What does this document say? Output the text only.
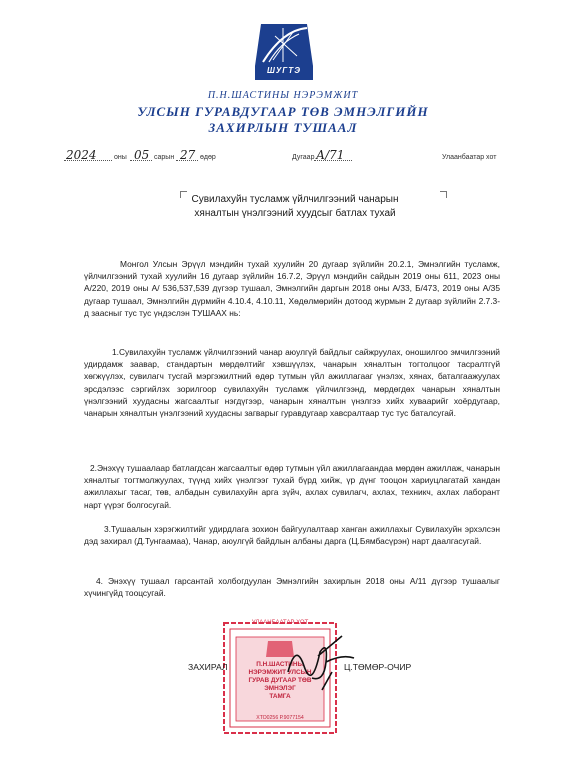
ШУГТЭ
П.Н.ШАСТИНЫ НЭРЭМЖИТ
УЛСЫН ГУРАВДУГААР ТӨВ ЭМНЭЛГИЙН
ЗАХИРЛЫН ТУШААЛ
2024 оны 05 сарын 27 өдөр	Дугаар А/71	Улаанбаатар хот
Сувилахуйн тусламж үйлчилгээний чанарын
хяналтын үнэлгээний хуудсыг батлах тухай
Монгол Улсын Эрүүл мэндийн тухай хуулийн 20 дугаар зүйлийн 20.2.1, Эмнэлгийн тусламж, үйлчилгээний тухай хуулийн 16 дугаар зүйлийн 16.7.2, Эрүүл мэндийн сайдын 2019 оны 611, 2023 оны А/220, 2019 оны А/ 536,537,539 дүгээр тушаал, Эмнэлгийн даргын 2018 оны А/33, Б/473, 2019 оны А/35 дугаар тушаал, Эмнэлгийн дүрмийн 4.10.4, 4.10.11, Хөдөлмөрийн дотоод журмын 2 дугаар зүйлийн 2.7.3-д заасныг тус тус үндэслэн ТУШААХ нь:
1.Сувилахуйн тусламж үйлчилгээний чанар аюулгүй байдлыг сайжруулах, оношилгоо эмчилгээний удирдамж заавар, стандартын мөрдөлтийг хэвшүүлэх, чанарын хяналтын тогтолцоог тасралтгүй хөгжүүлэх, сувилагч тусгай мэргэжилтний өдөр тутмын үйл ажиллагааг үнэлэх, хянах, баталгаажуулах эрсдэлээс сэргийлэх зорилгоор сувилахуйн тусламж үйлчилгээнд, мөрдөгдөх чанарын хяналтын үнэлгээний хуудасны жагсаалтыг нэгдүгээр, чанарын хяналтын үнэлгээ хийх хуваарийг хоёрдугаар, чанарын хяналтын үнэлгээний хуудасны загварыг гуравдугаар хавсралтаар тус тус баталсугай.
2.Энэхүү тушаалаар батлагдсан жагсаалтыг өдөр тутмын үйл ажиллагаандаа мөрдөн ажиллаж, чанарын хяналтыг тогтмолжуулах, түүнд хийх үнэлгээг тухай бүрд хийж, үр дүнг тооцон хариуцлагатай хандан ажиллахыг тасаг, төв, албадын сувилахуйн арга зүйч, ахлах сувилагч, ахлах, техникч, ахлах лаборант нарт үүрэг болгосугай.
3.Тушаалын хэрэгжилтийг удирдлага зохион байгуулалтаар ханган ажиллахыг Сувилахуйн эрхэлсэн дэд захирал (Д.Тунгаамаа), Чанар, аюулгүй байдлын албаны дарга (Ц.Бямбасүрэн) нарт даалгасугай.
4. Энэхүү тушаал гарсантай холбогдуулан Эмнэлгийн захирлын 2018 оны А/11 дүгээр тушаалыг хүчингүйд тооцсугай.
УЛААНБААТАР ХОТ
П.Н.ШАСТИНЫ
НЭРЭМЖИТ УЛСЫН
ГУРАВ ДУГААР ТӨВ
ЭМНЭЛЭГ
ТАМГА
ХТО0256 Р.9077154
ЗАХИРАЛ	Ц.ТӨМӨР-ОЧИР
